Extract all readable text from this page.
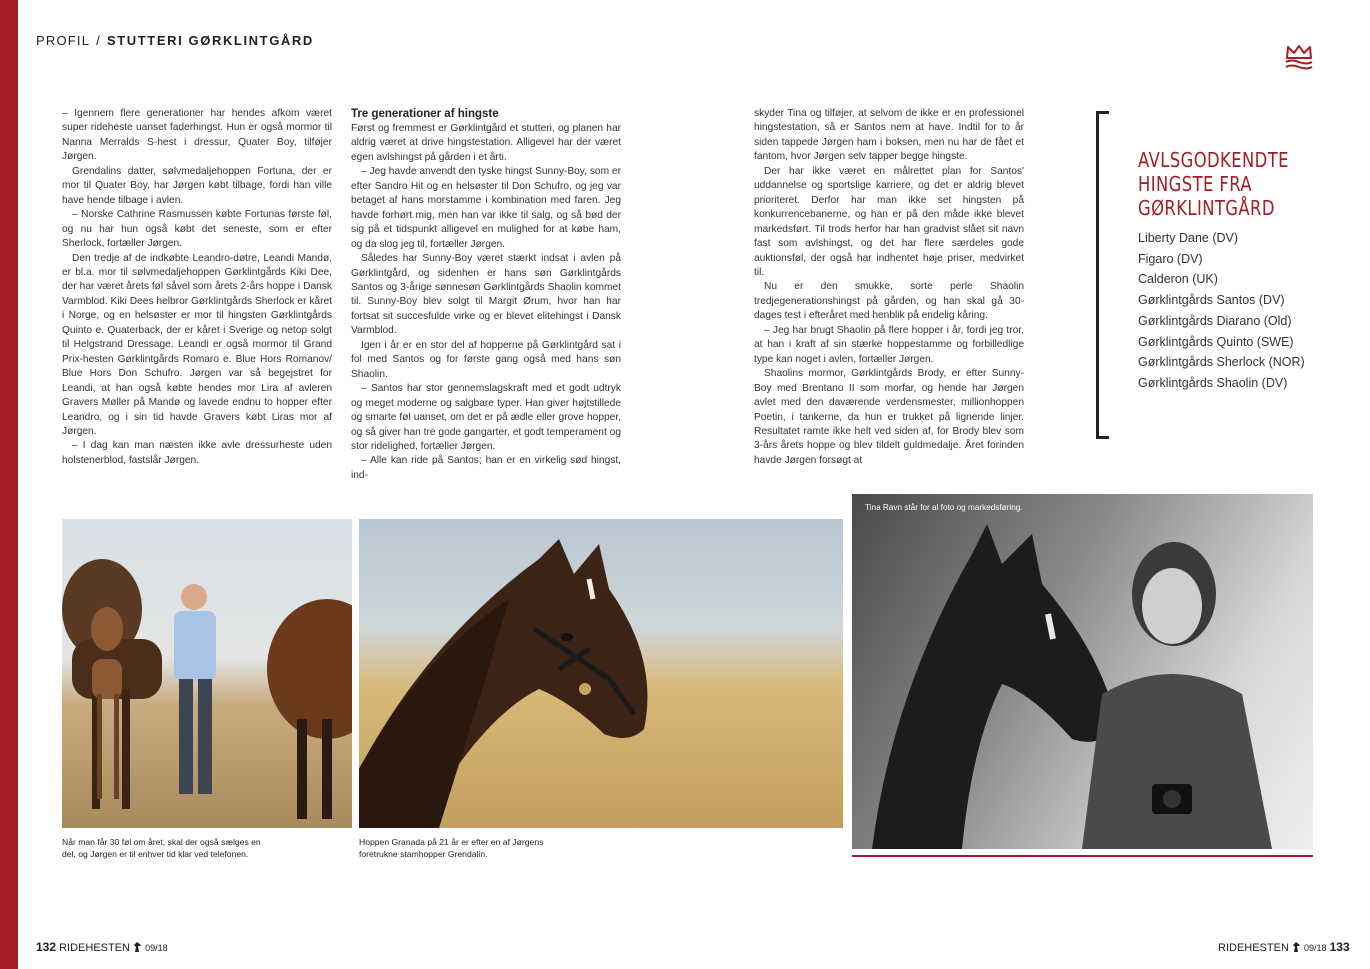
PROFIL / STUTTERI GØRKLINTGÅRD

– Igennem flere generationer har hendes afkom været super rideheste uanset faderhingst. Hun er også mormor til Nanna Merralds S-hest i dressur, Quater Boy, tilføjer Jørgen.

Grendalins datter, sølvmedaljehoppen Fortuna, der er mor til Quater Boy, har Jørgen købt tilbage, fordi han ville have hende tilbage i avlen.

– Norske Cathrine Rasmussen købte Fortunas første føl, og nu har hun også købt det seneste, som er efter Sherlock, fortæller Jørgen.

Den tredje af de indkøbte Leandro-døtre, Leandi Mandø, er bl.a. mor til sølvmedaljehoppen Gørklintgårds Kiki Dee, der har været årets føl såvel som årets 2-års hoppe i Dansk Varmblod. Kiki Dees helbror Gørklintgårds Sherlock er kåret i Norge, og en helsøster er mor til hingsten Gørklintgårds Quinto e. Quaterback, der er kåret i Sverige og netop solgt til Helgstrand Dressage. Leandi er også mormor til Grand Prix-hesten Gørklintgårds Romaro e. Blue Hors Romanov/ Blue Hors Don Schufro. Jørgen var så begejstret for Leandi, at han også købte hendes mor Lira af avleren Gravers Møller på Mandø og lavede endnu to hopper efter Leandro, og i sin tid havde Gravers købt Liras mor af Jørgen.

– I dag kan man næsten ikke avle dressurheste uden holstenerblod, fastslår Jørgen.

Tre generationer af hingste

Først og fremmest er Gørklintgård et stutteri, og planen har aldrig været at drive hingstestation. Alligevel har der været egen avlshingst på gården i et årti.

– Jeg havde anvendt den tyske hingst Sunny-Boy, som er efter Sandro Hit og en helsøster til Don Schufro, og jeg var betaget af hans morstamme i kombination med faren. Jeg havde forhørt mig, men han var ikke til salg, og så bød der sig på et tidspunkt alligevel en mulighed for at købe ham, og da slog jeg til, fortæller Jørgen.

Således har Sunny-Boy været stærkt indsat i avlen på Gørklintgård, og sidenhen er hans søn Gørklintgårds Santos og 3-årige sønnesøn Gørklintgårds Shaolin kommet til. Sunny-Boy blev solgt til Margit Ørum, hvor han har fortsat sit succesfulde virke og er blevet elitehingst i Dansk Varmblod.

Igen i år er en stor del af hopperne på Gørklintgård sat i fol med Santos og for første gang også med hans søn Shaolin.

– Santos har stor gennemslagskraft med et godt udtryk og meget moderne og salgbare typer. Han giver højtstillede og smarte føl uanset, om det er på ædle eller grove hopper, og så giver han tre gode gangarter, et godt temperament og stor ridelighed, fortæller Jørgen.

– Alle kan ride på Santos; han er en virkelig sød hingst, ind-

skyder Tina og tilføjer, at selvom de ikke er en professionel hingstestation, så er Santos nem at have. Indtil for to år siden tappede Jørgen ham i boksen, men nu har de fået et fantom, hvor Jørgen selv tapper begge hingste.

Der har ikke været en målrettet plan for Santos' uddannelse og sportslige karriere, og det er aldrig blevet prioriteret. Derfor har man ikke set hingsten på konkurrencebanerne, og han er på den måde ikke blevet markedsført. Til trods herfor har han gradvist slået sit navn fast som avlshingst, og det har flere særdeles gode auktionsføl, der også har indhentet høje priser, medvirket til.

Nu er den smukke, sorte perle Shaolin tredjegenerationshingst på gården, og han skal gå 30-dages test i efteråret med henblik på endelig kåring.

– Jeg har brugt Shaolin på flere hopper i år, fordi jeg tror, at han i kraft af sin stærke hoppestamme og forbilledlige type kan noget i avlen, fortæller Jørgen.

Shaolins mormor, Gørklintgårds Brody, er efter Sunny-Boy med Brentano II som morfar, og hende har Jørgen avlet med den daværende verdensmester, millionhoppen Poetin, i tankerne, da hun er trukket på lignende linjer. Resultatet ramte ikke helt ved siden af, for Brody blev som 3-års årets hoppe og blev tildelt guldmedalje. Året forinden havde Jørgen forsøgt at

AVLSGODKENDTE
HINGSTE FRA
GØRKLINTGÅRD
Liberty Dane (DV)
Figaro (DV)
Calderon (UK)
Gørklintgårds Santos (DV)
Gørklintgårds Diarano (Old)
Gørklintgårds Quinto (SWE)
Gørklintgårds Sherlock (NOR)
Gørklintgårds Shaolin (DV)
Tina Ravn står for al foto og markedsføring.
Når man får 30 føl om året, skal der også sælges en
del, og Jørgen er til enhver tid klar ved telefonen.
Hoppen Granada på 21 år er efter en af Jørgens
foretrukne stamhopper Grendalin.
132 RIDEHESTEN 09/18	RIDEHESTEN 09/18 133
